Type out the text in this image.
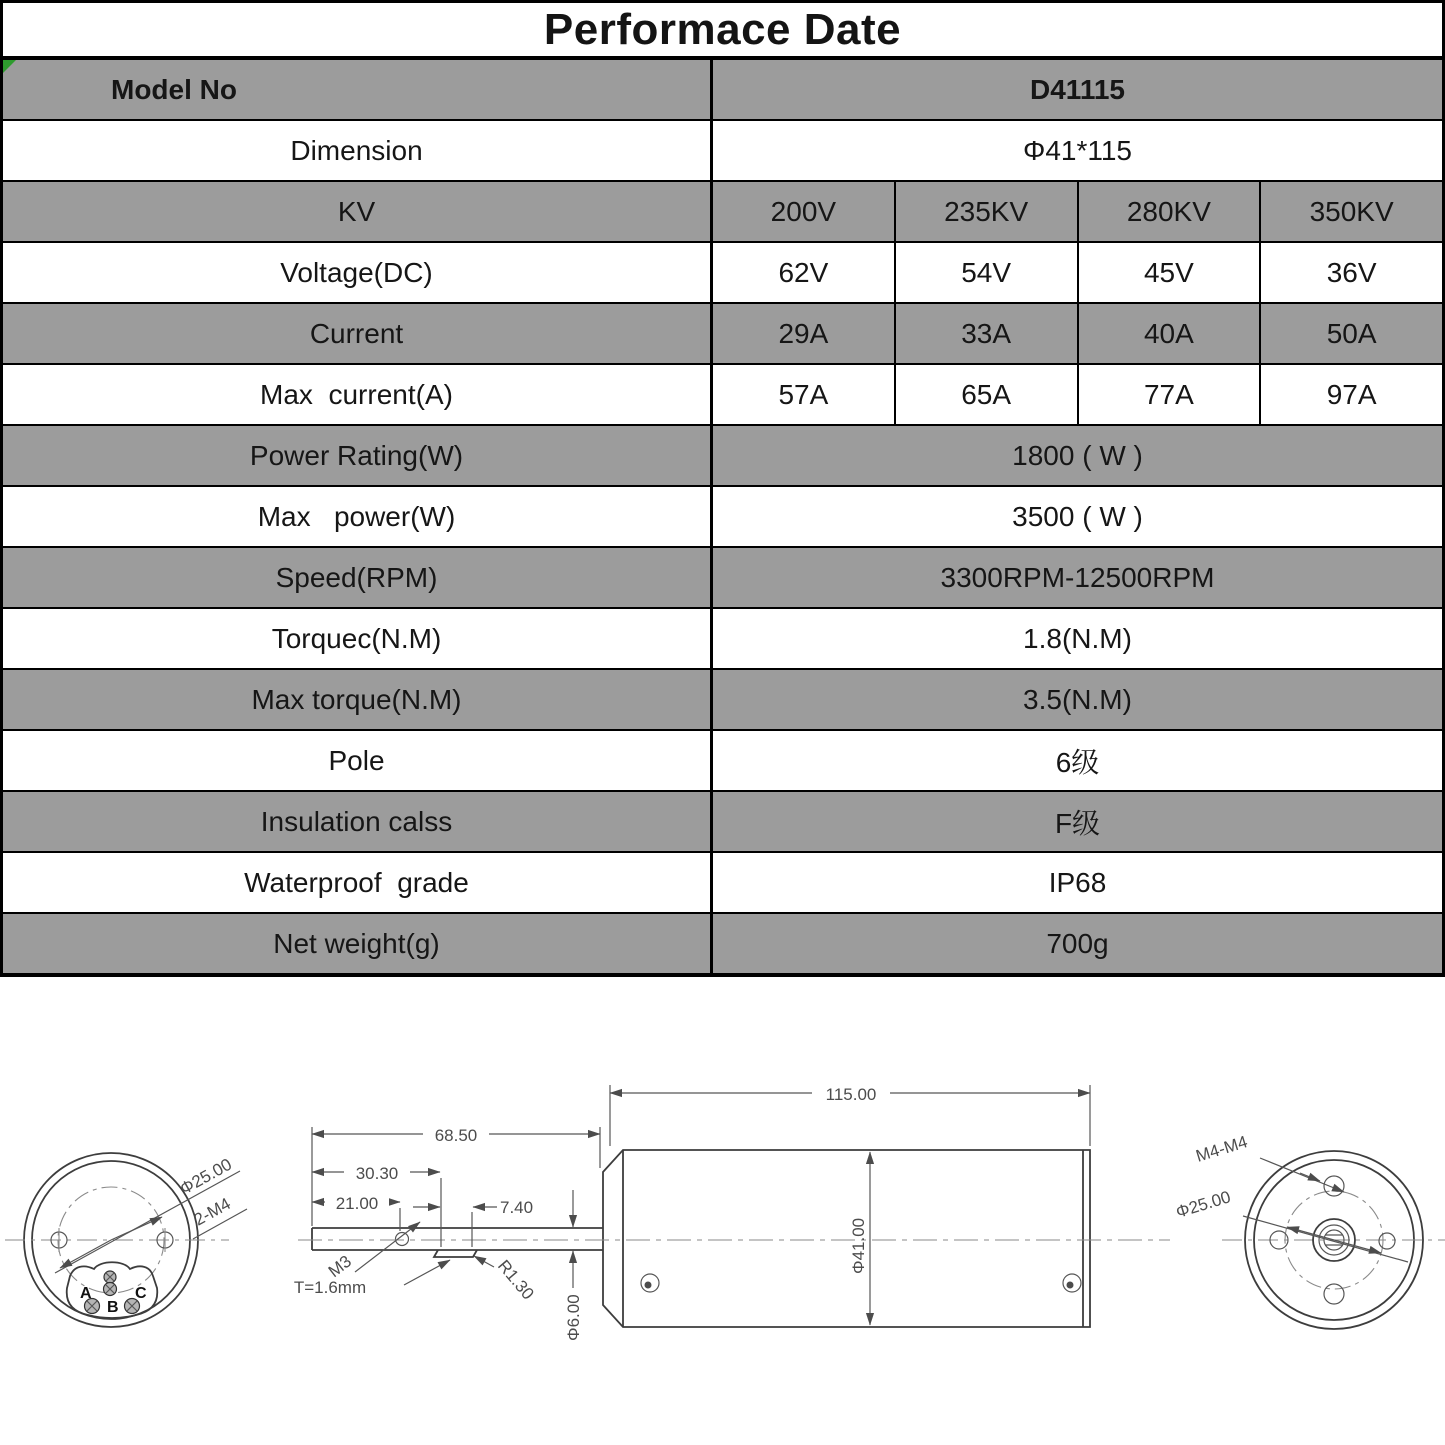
Performace Date
Model No	D41115
Dimension	Φ41*115
KV	200V	235KV	280KV	350KV
Voltage(DC)	62V	54V	45V	36V
Current	29A	33A	40A	50A
Max  current(A)	57A	65A	77A	97A
Power Rating(W)	1800 ( W )
Max   power(W)	3500 ( W )
Speed(RPM)	3300RPM-12500RPM
Torquec(N.M)	1.8(N.M)
Max torque(N.M)	3.5(N.M)
Pole	6级
Insulation calss	F级
Waterproof  grade	IP68
Net weight(g)	700g
Φ25.00
2-M4
A
B
C
115.00
68.50
30.30
21.00	7.40
Φ6.00
Φ41.00
M3
T=1.6mm	R1.30
M4-M4
Φ25.00
